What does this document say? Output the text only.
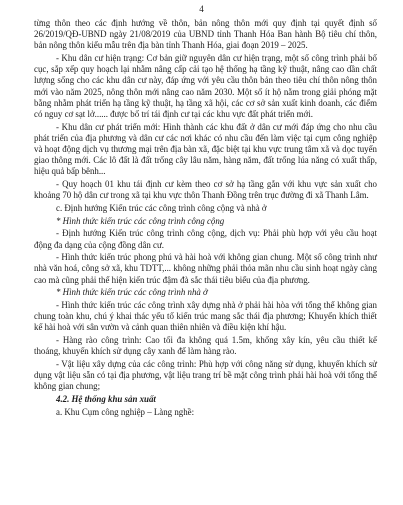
4

từng thôn theo các định hướng về thôn, bản nông thôn mới quy định tại quyết định số 26/2019/QĐ-UBND ngày 21/08/2019 của UBND tỉnh Thanh Hóa Ban hành Bộ tiêu chí thôn, bản nông thôn kiểu mẫu trên địa bàn tỉnh Thanh Hóa, giai đoạn 2019 – 2025.

- Khu dân cư hiện trạng: Cơ bản giữ nguyên dân cư hiện trạng, một số công trình phải bố cục, sắp xếp quy hoạch lại nhằm nâng cấp cải tạo hệ thống hạ tầng kỹ thuật, nâng cao dần chất lượng sống cho các khu dân cư này, đáp ứng với yêu cầu thôn bản theo tiêu chí thôn nông thôn mới vào năm 2025, nông thôn mới nâng cao năm 2030. Một số ít hộ nằm trong giải phóng mặt bằng nhằm phát triển hạ tầng kỹ thuật, hạ tầng xã hội, các cơ sở sản xuất kinh doanh, các điểm có nguy cơ sạt lở...... được bố trí tái định cư tại các khu vực đất phát triển mới.

- Khu dân cư phát triển mới: Hình thành các khu đất ở dân cư mới đáp ứng cho nhu cầu phát triển của địa phương và dân cư các nơi khác có nhu cầu đến làm việc tại cụm công nghiệp và hoạt động dịch vụ thương mại trên địa bàn xã, đặc biệt tại khu vực trung tâm xã và dọc tuyến giao thông mới. Các lô đất là đất trống cây lâu năm, hàng năm, đất trống lúa năng có xuất thấp, hiệu quả bấp bênh...

- Quy hoạch 01 khu tái định cư kèm theo cơ sở hạ tầng gắn với khu vực sản xuất cho khoảng 70 hộ dân cư trong xã tại khu vực thôn Thanh Đồng trên trục đường đi xã Thanh Lâm.

c. Định hướng Kiến trúc các công trình công cộng và nhà ở

* Hình thức kiến trúc các công trình công cộng

- Định hướng Kiến trúc công trình công cộng, dịch vụ: Phải phù hợp với yêu cầu hoạt động đa dạng của cộng đồng dân cư.

- Hình thức kiến trúc phong phú và hài hoà với không gian chung. Một số công trình như nhà văn hoá, công sở xã, khu TDTT,... không những phải thỏa mãn nhu cầu sinh hoạt ngày càng cao mà cũng phải thể hiện kiến trúc đậm đà sắc thái tiêu biểu của địa phương.

* Hình thức kiến trúc các công trình nhà ở

- Hình thức kiến trúc các công trình xây dựng nhà ở phải hài hòa với tổng thể không gian chung toàn khu, chú ý khai thác yếu tố kiến trúc mang sắc thái địa phương; Khuyến khích thiết kế hài hoà với sân vườn và cảnh quan thiên nhiên và điều kiện khí hậu.

- Hàng rào công trình: Cao tối đa không quá 1.5m, khống xây kín, yêu cầu thiết kế thoáng, khuyến khích sử dụng cây xanh để làm hàng rào.

- Vật liệu xây dựng của các công trình: Phù hợp với công năng sử dụng, khuyến khích sử dụng vật liệu sẵn có tại địa phương, vật liệu trang trí bề mặt công trình phải hài hoà với tổng thể không gian chung;

4.2. Hệ thống khu sản xuất

a. Khu Cụm công nghiệp – Làng nghề:
